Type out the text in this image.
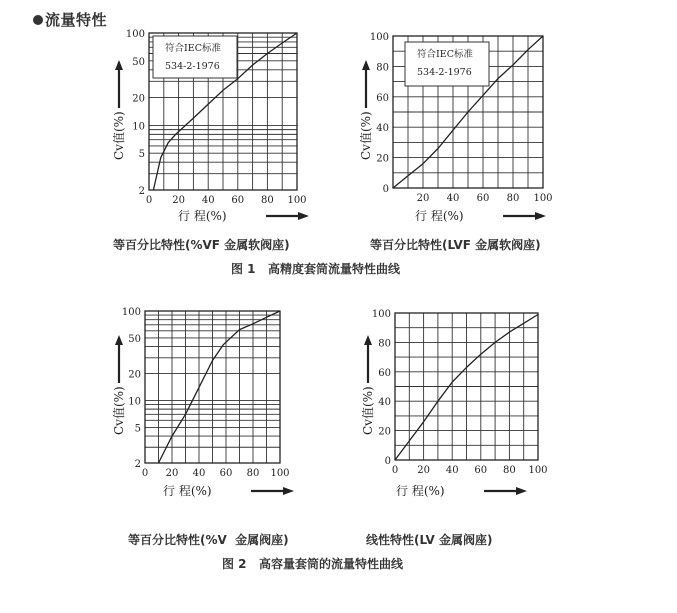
流量特性
符合IEC标准
534-2-1976
2
5
10
20
50
100
0 20 40 60 80 100
Cv值(%)
行 程(%)
符合IEC标准
534-2-1976
0
20
40
60
80
100
20 40 60 80 100
Cv值(%)
行 程(%)
2
5
10
20
50
100
0 20 40 60 80 100
Cv值(%)
行 程(%)
0
20
40
60
80
100
0 20 40 60 80 100
Cv值(%)
行 程(%)
等百分比特性(%VF 金属软阀座)	等百分比特性(LVF 金属软阀座)
图 1   高精度套筒流量特性曲线
等百分比特性(%V  金属阀座)	线性特性(LV 金属阀座)
图 2   高容量套筒的流量特性曲线
